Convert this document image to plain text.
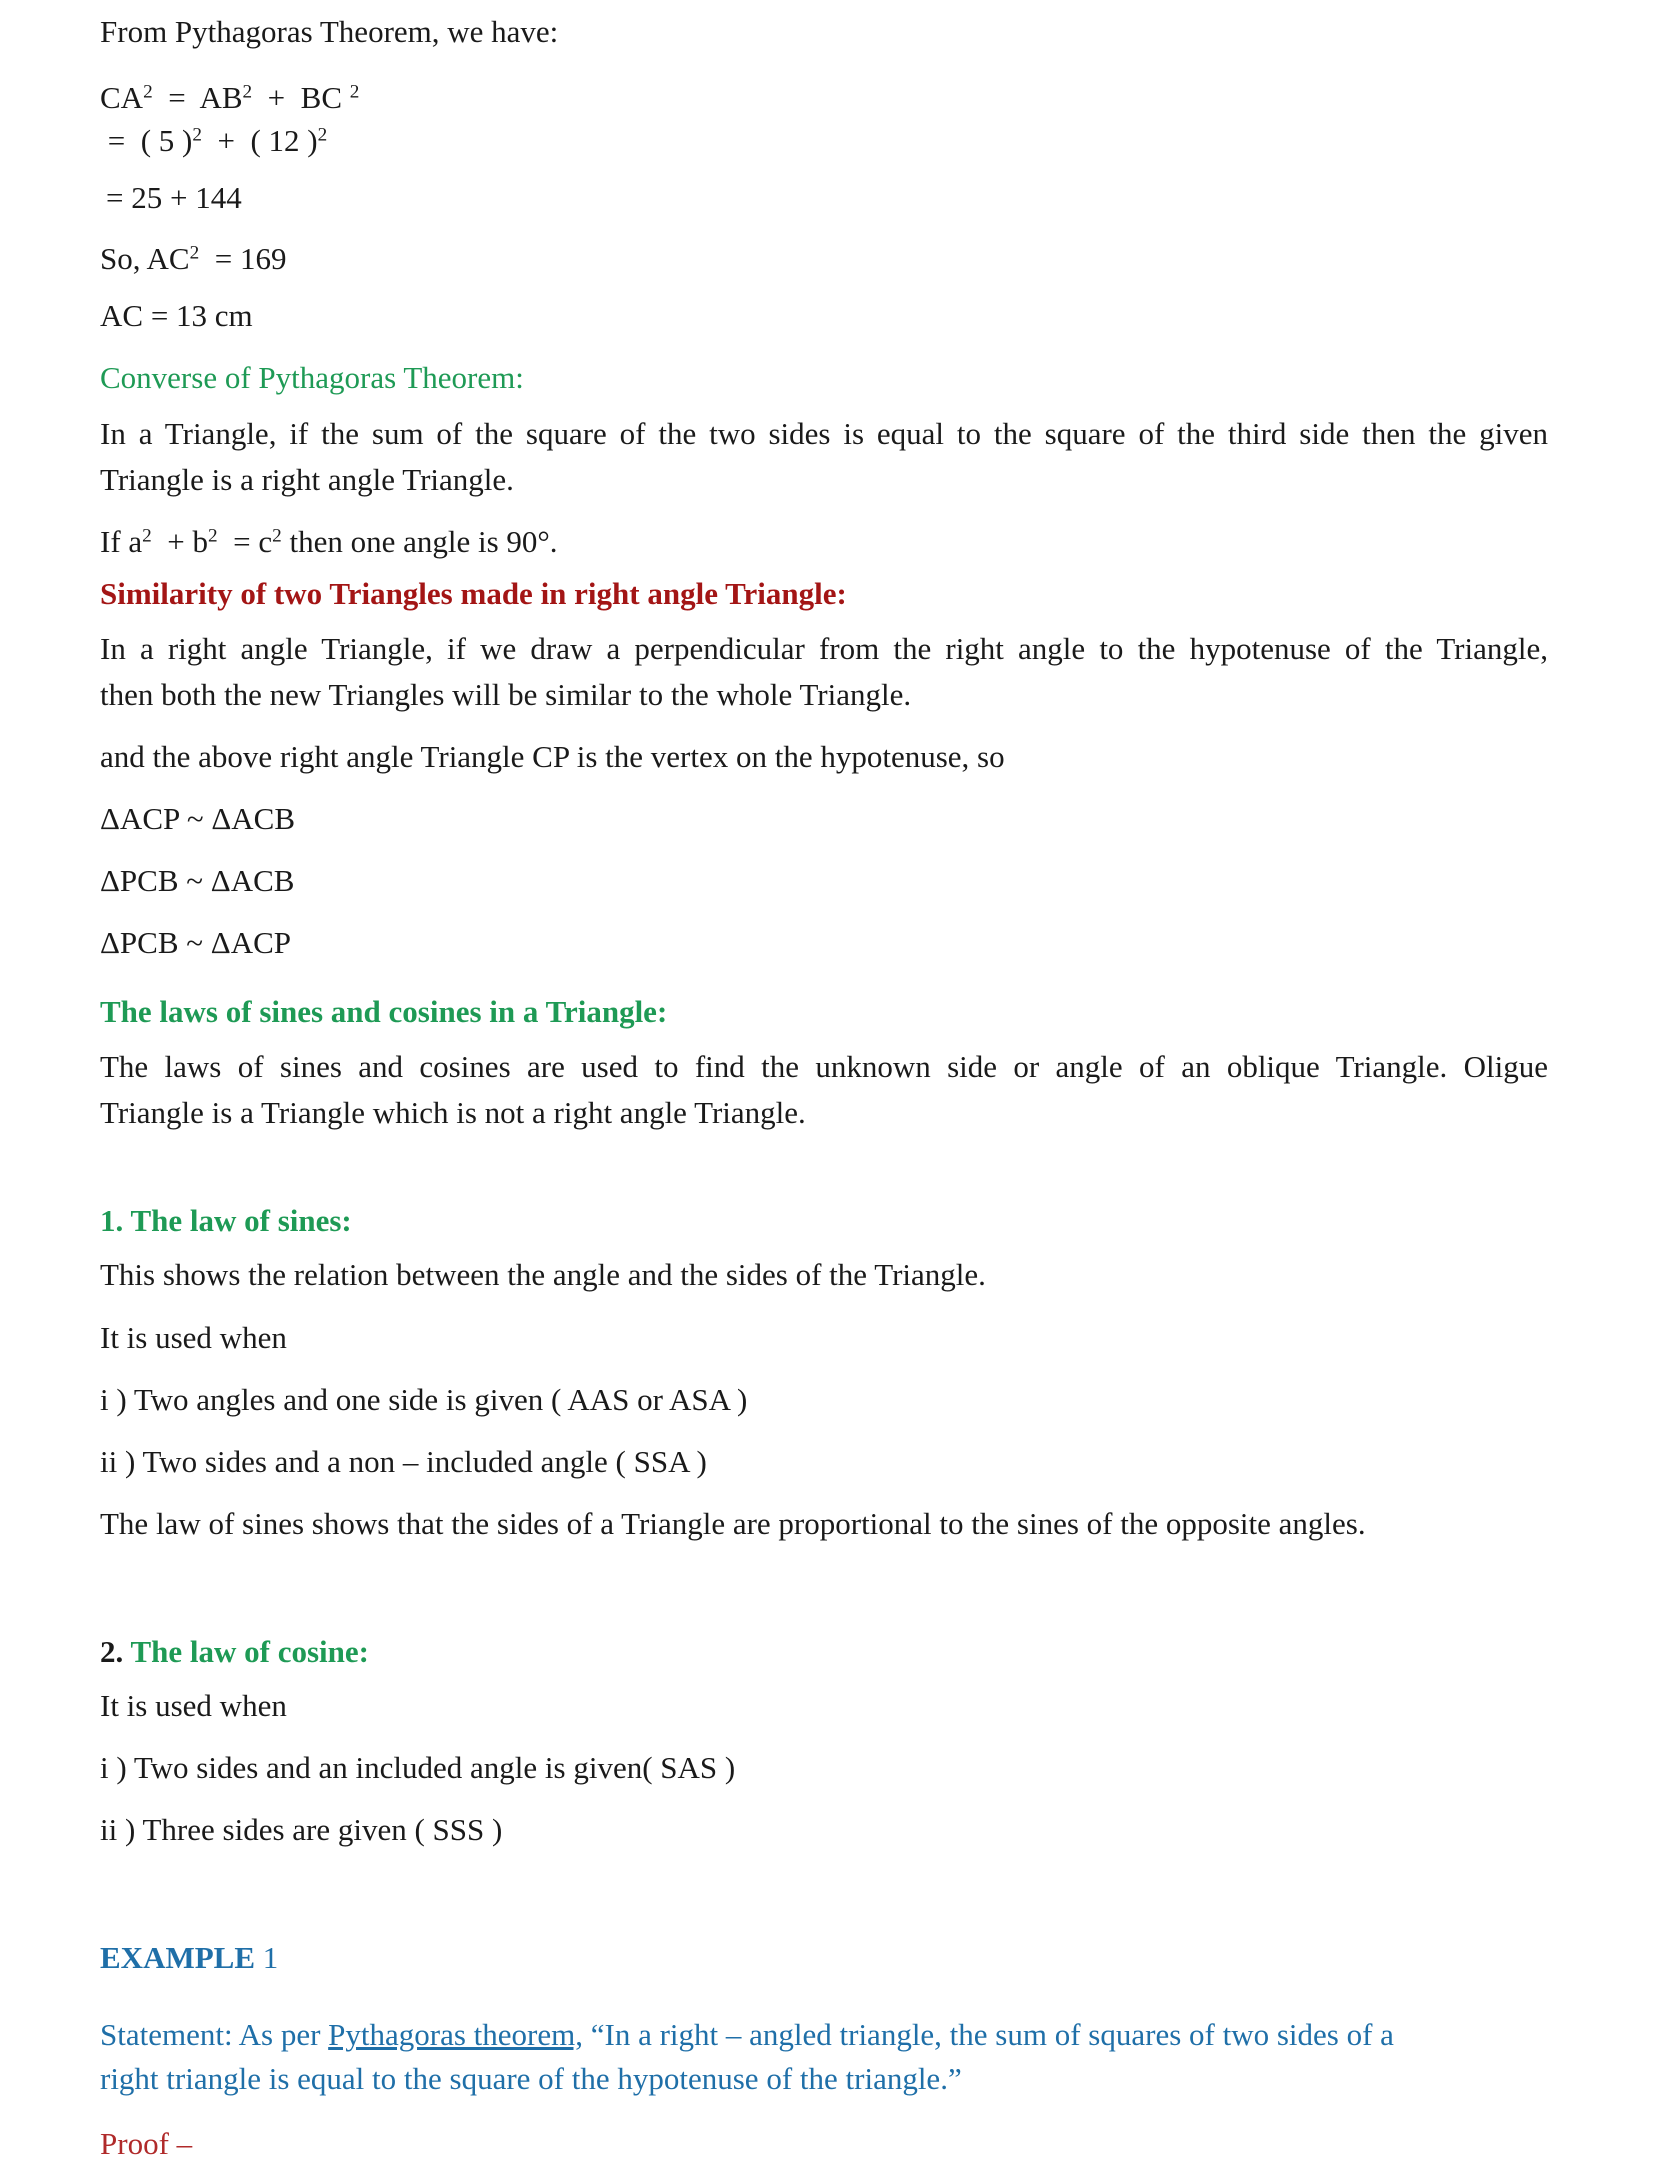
From Pythagoras Theorem, we have:
$CA^2 = AB^2$ + BC $^2$
= ( 5 )$^2$ + ( 12 )$^2$
= 25 + 144
So, $AC^2 = 169$
AC = 13 cm
Converse of Pythagoras Theorem:
In a Triangle, if the sum of the square of the two sides is equal to the square of the third side then the given
Triangle is a right angle Triangle.
If $a^2 + b^2 = c^2$ then one angle is 90°.
Similarity of two Triangles made in right angle Triangle:
In a right angle Triangle, if we draw a perpendicular from the right angle to the hypotenuse of the Triangle,
then both the new Triangles will be similar to the whole Triangle.
and the above right angle Triangle CP is the vertex on the hypotenuse, so
ΔACP ~ ΔACB
ΔPCB ~ ΔACB
ΔPCB ~ ΔACP
The laws of sines and cosines in a Triangle:
The laws of sines and cosines are used to find the unknown side or angle of an oblique Triangle. Oligue
Triangle is a Triangle which is not a right angle Triangle.
1. The law of sines:
This shows the relation between the angle and the sides of the Triangle.
It is used when
i ) Two angles and one side is given ( AAS or ASA )
ii ) Two sides and a non – included angle ( SSA )
The law of sines shows that the sides of a Triangle are proportional to the sines of the opposite angles.
2. The law of cosine:
It is used when
i ) Two sides and an included angle is given( SAS )
ii ) Three sides are given ( SSS )
EXAMPLE 1
Statement: As per Pythagoras theorem, “In a right – angled triangle, the sum of squares of two sides of a
right triangle is equal to the square of the hypotenuse of the triangle.”
Proof –
